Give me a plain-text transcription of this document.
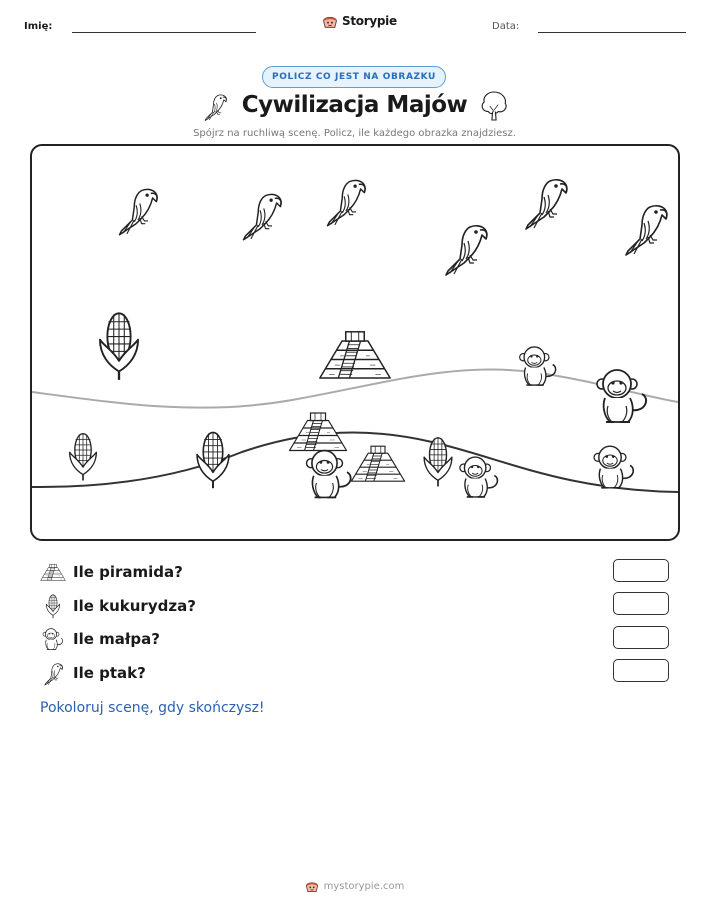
Imię:	Storypie	Data:
POLICZ CO JEST NA OBRAZKU
Cywilizacja Majów
Spójrz na ruchliwą scenę. Policz, ile każdego obrazka znajdziesz.
Ile piramida?
Ile kukurydza?
Ile małpa?
Ile ptak?
Pokoloruj scenę, gdy skończysz!
mystorypie.com
